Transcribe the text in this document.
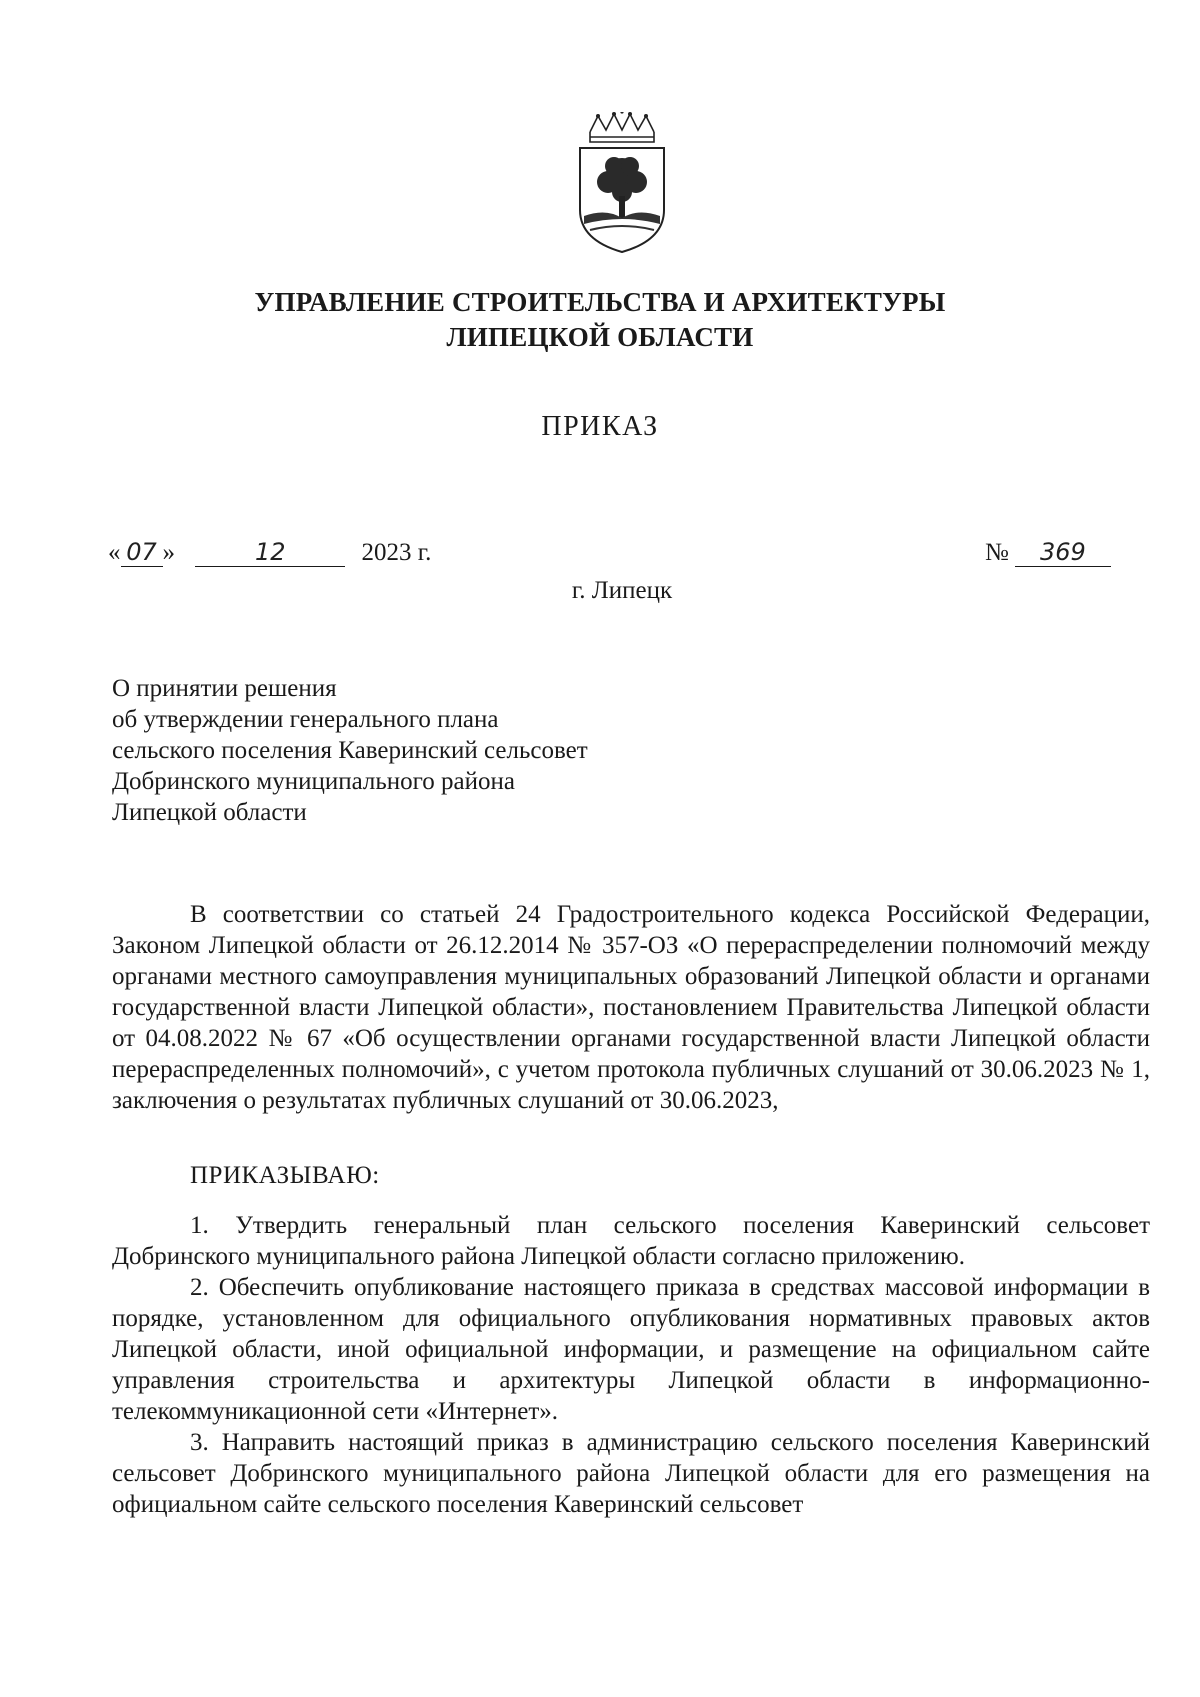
УПРАВЛЕНИЕ СТРОИТЕЛЬСТВА И АРХИТЕКТУРЫ
ЛИПЕЦКОЙ ОБЛАСТИ
ПРИКАЗ
« 07 »	12	2023 г.	№ 369
г. Липецк
О принятии решения
об утверждении генерального плана
сельского поселения Каверинский сельсовет
Добринского муниципального района
Липецкой области

В соответствии со статьей 24 Градостроительного кодекса Российской Федерации, Законом Липецкой области от 26.12.2014 № 357-ОЗ «О перераспределении полномочий между органами местного самоуправления муниципальных образований Липецкой области и органами государственной власти Липецкой области», постановлением Правительства Липецкой области от 04.08.2022 № 67 «Об осуществлении органами государственной власти Липецкой области перераспределенных полномочий», с учетом протокола публичных слушаний от 30.06.2023 № 1, заключения о результатах публичных слушаний от 30.06.2023,

ПРИКАЗЫВАЮ:

1. Утвердить генеральный план сельского поселения Каверинский сельсовет Добринского муниципального района Липецкой области согласно приложению.

2. Обеспечить опубликование настоящего приказа в средствах массовой информации в порядке, установленном для официального опубликования нормативных правовых актов Липецкой области, иной официальной информации, и размещение на официальном сайте управления строительства и архитектуры Липецкой области в информационно-телекоммуникационной сети «Интернет».

3. Направить настоящий приказ в администрацию сельского поселения Каверинский сельсовет Добринского муниципального района Липецкой области для его размещения на официальном сайте сельского поселения Каверинский сельсовет
